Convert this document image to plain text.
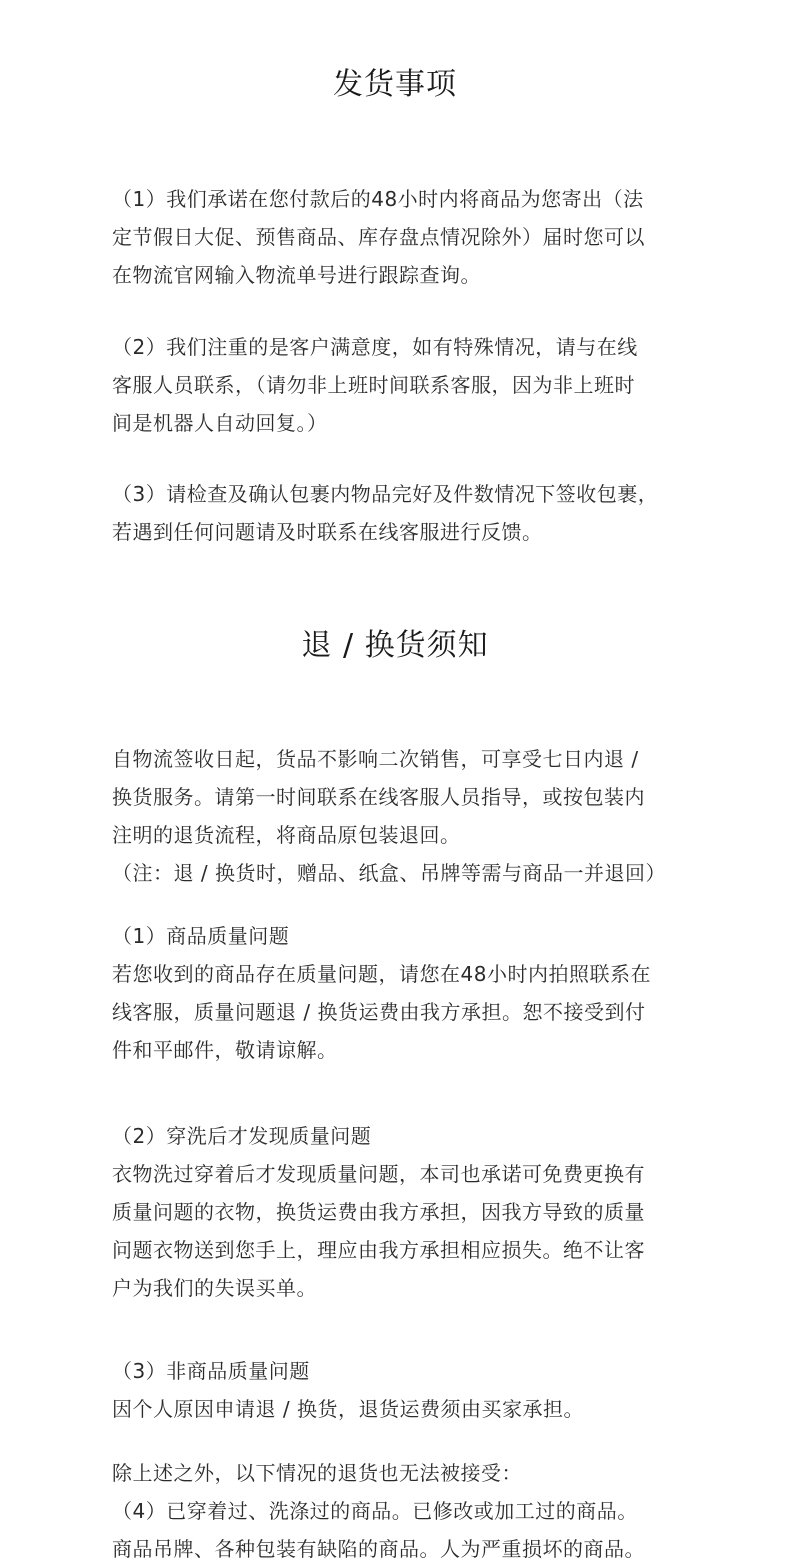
发货事项

（1）我们承诺在您付款后的48小时内将商品为您寄出（法

定节假日大促、预售商品、库存盘点情况除外）届时您可以

在物流官网输入物流单号进行跟踪查询。

（2）我们注重的是客户满意度，如有特殊情况，请与在线

客服人员联系，（请勿非上班时间联系客服，因为非上班时

间是机器人自动回复。）

（3）请检查及确认包裹内物品完好及件数情况下签收包裹，

若遇到任何问题请及时联系在线客服进行反馈。

退 / 换货须知

自物流签收日起，货品不影响二次销售，可享受七日内退 /

换货服务。请第一时间联系在线客服人员指导，或按包装内

注明的退货流程，将商品原包装退回。

（注：退 / 换货时，赠品、纸盒、吊牌等需与商品一并退回）

（1）商品质量问题

若您收到的商品存在质量问题，请您在48小时内拍照联系在

线客服，质量问题退 / 换货运费由我方承担。恕不接受到付

件和平邮件，敬请谅解。

（2）穿洗后才发现质量问题

衣物洗过穿着后才发现质量问题，本司也承诺可免费更换有

质量问题的衣物，换货运费由我方承担，因我方导致的质量

问题衣物送到您手上，理应由我方承担相应损失。绝不让客

户为我们的失误买单。

（3）非商品质量问题

因个人原因申请退 / 换货，退货运费须由买家承担。

除上述之外，以下情况的退货也无法被接受：

（4）已穿着过、洗涤过的商品。已修改或加工过的商品。

商品吊牌、各种包装有缺陷的商品。人为严重损坏的商品。
